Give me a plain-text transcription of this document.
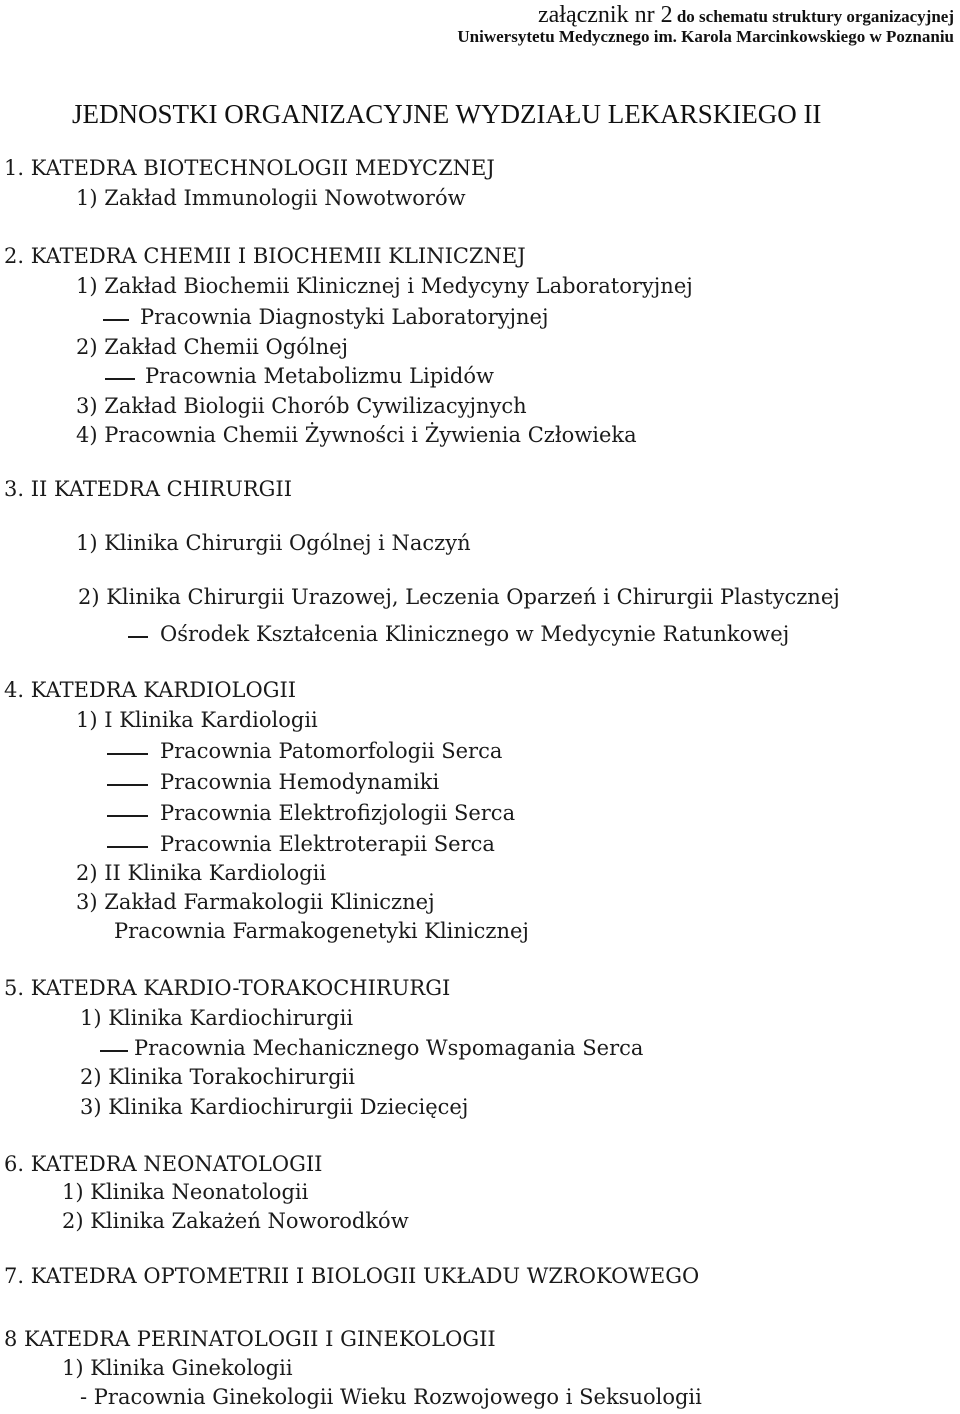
załącznik nr 2 do schematu struktury organizacyjnej
Uniwersytetu Medycznego im. Karola Marcinkowskiego w Poznaniu
JEDNOSTKI ORGANIZACYJNE WYDZIAŁU LEKARSKIEGO II
1. KATEDRA BIOTECHNOLOGII MEDYCZNEJ
1) Zakład Immunologii Nowotworów
2. KATEDRA CHEMII I BIOCHEMII KLINICZNEJ
1) Zakład Biochemii Klinicznej i Medycyny Laboratoryjnej
Pracownia Diagnostyki Laboratoryjnej
2) Zakład Chemii Ogólnej
Pracownia Metabolizmu Lipidów
3) Zakład Biologii Chorób Cywilizacyjnych
4) Pracownia Chemii Żywności i Żywienia Człowieka
3. II KATEDRA CHIRURGII
1) Klinika Chirurgii Ogólnej i Naczyń
2) Klinika Chirurgii Urazowej, Leczenia Oparzeń i Chirurgii Plastycznej
Ośrodek Kształcenia Klinicznego w Medycynie Ratunkowej
4. KATEDRA KARDIOLOGII
1) I Klinika Kardiologii
Pracownia Patomorfologii Serca
Pracownia Hemodynamiki
Pracownia Elektrofizjologii Serca
Pracownia Elektroterapii Serca
2) II Klinika Kardiologii
3) Zakład Farmakologii Klinicznej
Pracownia Farmakogenetyki Klinicznej
5. KATEDRA KARDIO-TORAKOCHIRURGI
1) Klinika Kardiochirurgii
Pracownia Mechanicznego Wspomagania Serca
2) Klinika Torakochirurgii
3) Klinika Kardiochirurgii Dziecięcej
6. KATEDRA NEONATOLOGII
1) Klinika Neonatologii
2) Klinika Zakażeń Noworodków
7. KATEDRA OPTOMETRII I BIOLOGII UKŁADU WZROKOWEGO
8 KATEDRA PERINATOLOGII I GINEKOLOGII
1) Klinika Ginekologii
- Pracownia Ginekologii Wieku Rozwojowego i Seksuologii
